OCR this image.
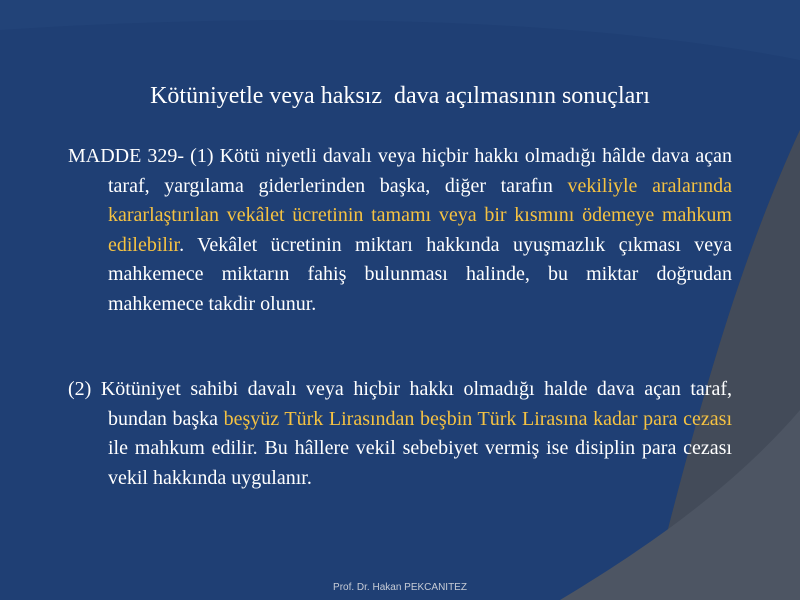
Kötüniyetle veya haksız  dava açılmasının sonuçları

MADDE 329- (1) Kötü niyetli davalı veya hiçbir hakkı olmadığı hâlde dava açan taraf, yargılama giderlerinden başka, diğer tarafın vekiliyle aralarında kararlaştırılan vekâlet ücretinin tamamı veya bir kısmını ödemeye mahkum edilebilir. Vekâlet ücretinin miktarı hakkında uyuşmazlık çıkması veya mahkemece miktarın fahiş bulunması halinde, bu miktar doğrudan mahkemece takdir olunur.

(2) Kötüniyet sahibi davalı veya hiçbir hakkı olmadığı halde dava açan taraf, bundan başka beşyüz Türk Lirasından beşbin Türk Lirasına kadar para cezası ile mahkum edilir. Bu hâllere vekil sebebiyet vermiş ise disiplin para cezası vekil hakkında uygulanır.

Prof. Dr. Hakan PEKCANITEZ
